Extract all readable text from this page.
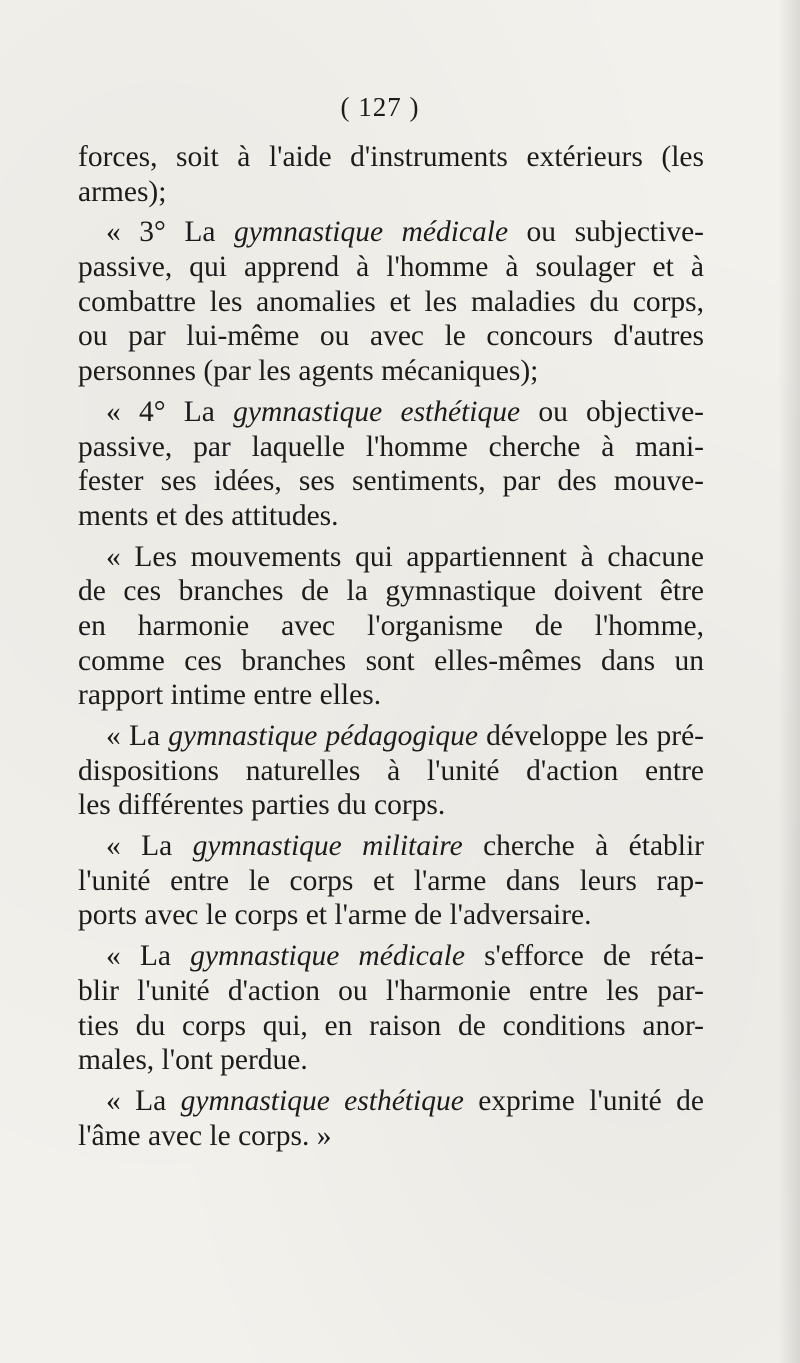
( 127 )
forces, soit à l'aide d'instruments extérieurs (les
armes);
« 3° La gymnastique médicale ou subjective-
passive, qui apprend à l'homme à soulager et à
combattre les anomalies et les maladies du corps,
ou par lui-même ou avec le concours d'autres
personnes (par les agents mécaniques);
« 4° La gymnastique esthétique ou objective-
passive, par laquelle l'homme cherche à mani-
fester ses idées, ses sentiments, par des mouve-
ments et des attitudes.
« Les mouvements qui appartiennent à chacune
de ces branches de la gymnastique doivent être
en harmonie avec l'organisme de l'homme,
comme ces branches sont elles-mêmes dans un
rapport intime entre elles.
« La gymnastique pédagogique développe les pré-
dispositions naturelles à l'unité d'action entre
les différentes parties du corps.
« La gymnastique militaire cherche à établir
l'unité entre le corps et l'arme dans leurs rap-
ports avec le corps et l'arme de l'adversaire.
« La gymnastique médicale s'efforce de réta-
blir l'unité d'action ou l'harmonie entre les par-
ties du corps qui, en raison de conditions anor-
males, l'ont perdue.
« La gymnastique esthétique exprime l'unité de
l'âme avec le corps. »
